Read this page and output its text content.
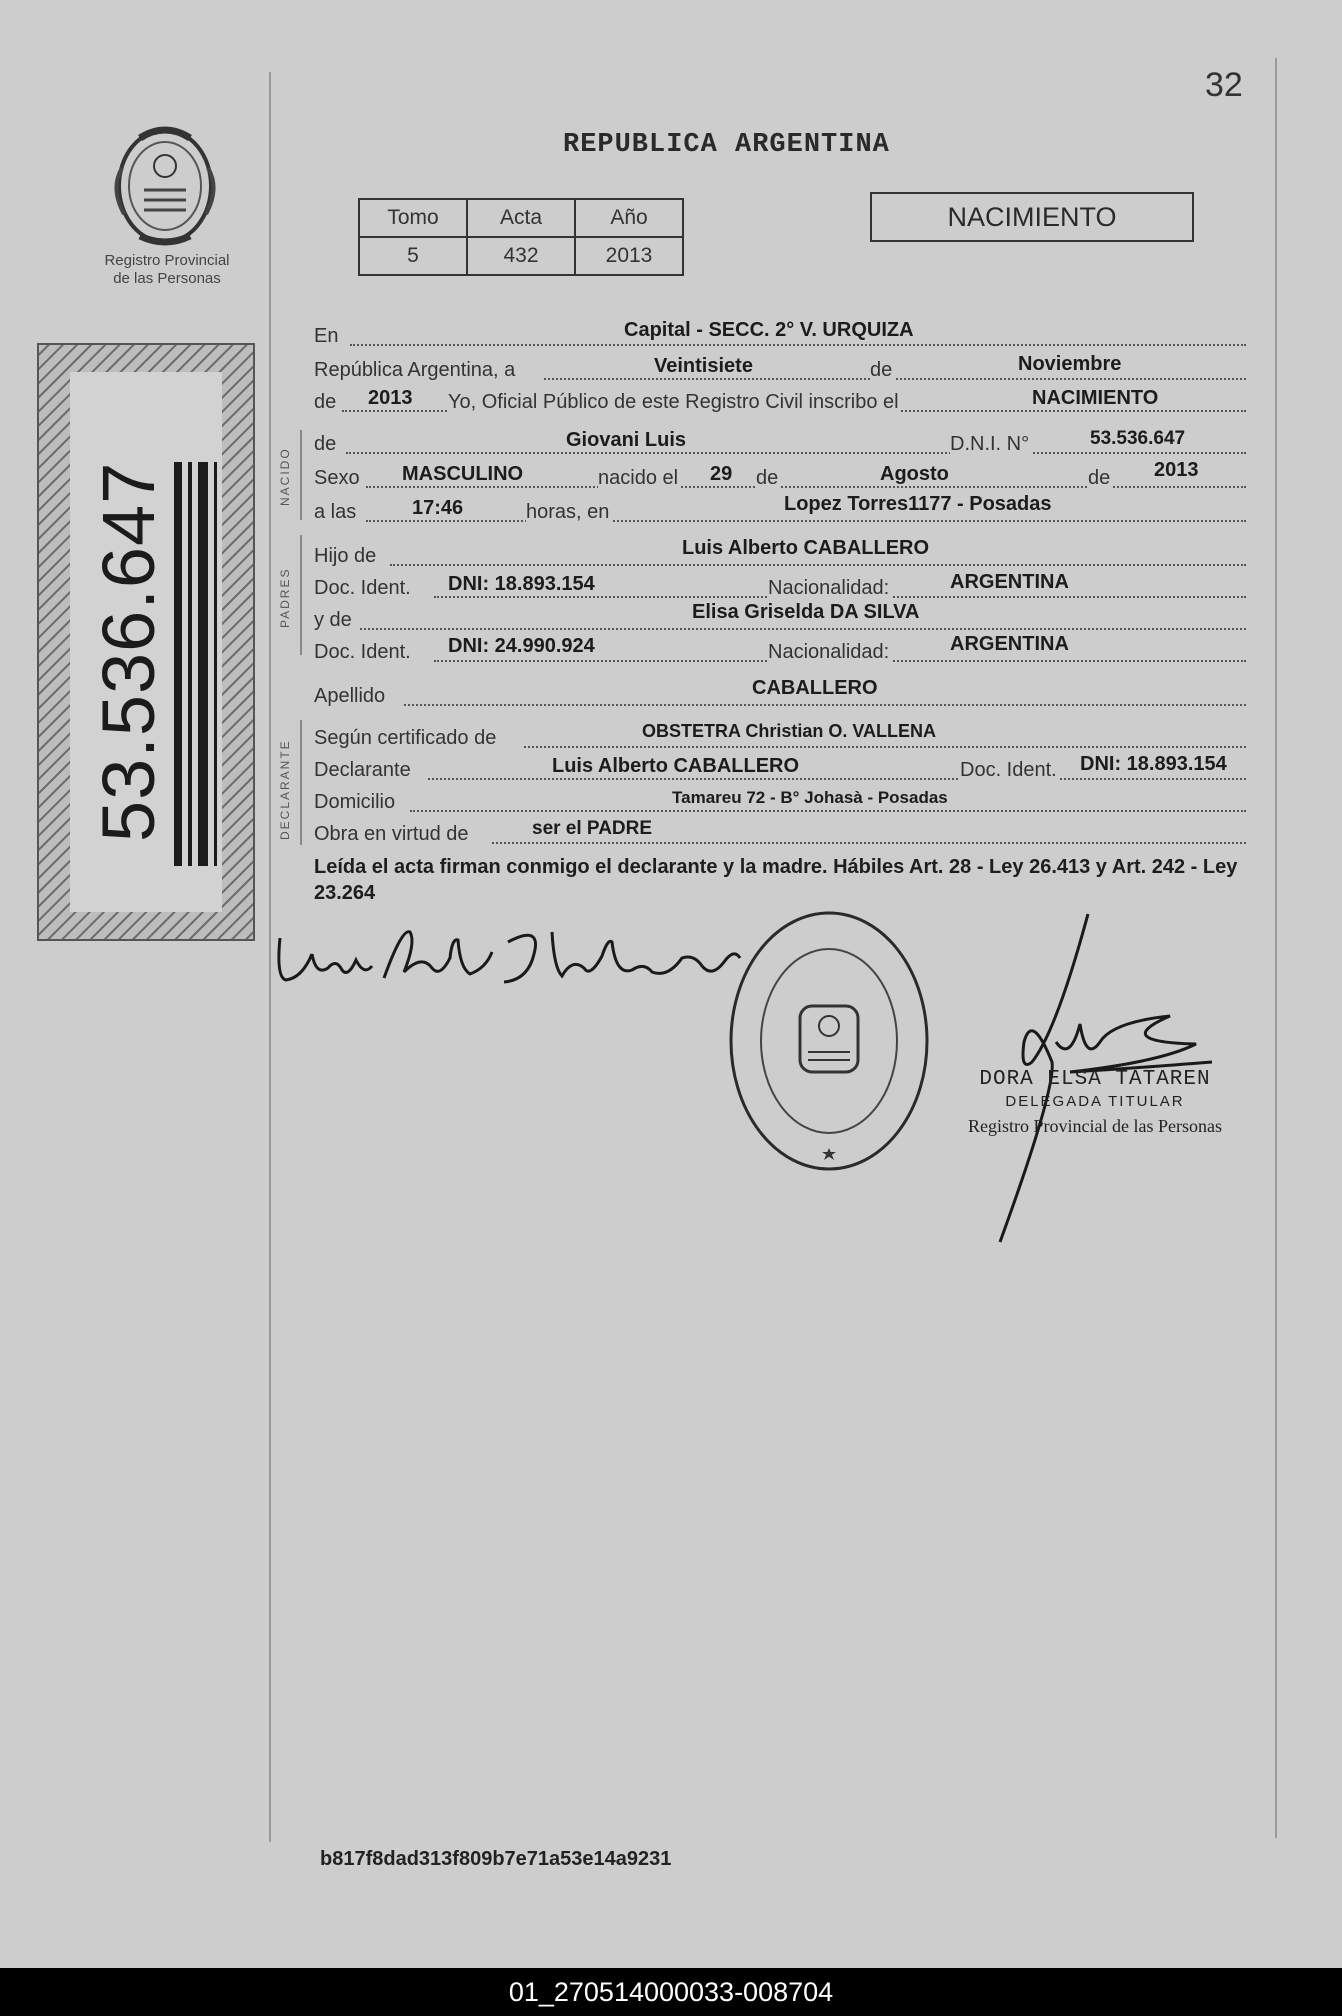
32
Registro Provincial
de las Personas
53.536.647
REPUBLICA ARGENTINA
Tomo	Acta	Año
5	432	2013
NACIMIENTO
NACIDO
PADRES
DECLARANTE
En	Capital - SECC. 2° V. URQUIZA
República Argentina, a	Veintisiete	de	Noviembre
de 2013 Yo, Oficial Público de este Registro Civil inscribo el	NACIMIENTO
de	Giovani Luis	D.N.I. N°	53.536.647
Sexo MASCULINO	nacido el 29 de	Agosto	de 2013
a las	17:46	horas, en	Lopez Torres1177 - Posadas
Hijo de	Luis Alberto CABALLERO
Doc. Ident. DNI: 18.893.154	Nacionalidad:	ARGENTINA
y de	Elisa Griselda DA SILVA
Doc. Ident. DNI: 24.990.924	Nacionalidad:	ARGENTINA
Apellido	CABALLERO
Según certificado de	OBSTETRA Christian O. VALLENA
Declarante	Luis Alberto CABALLERO	Doc. Ident. DNI: 18.893.154
Domicilio	Tamareu 72 - B° Johasà - Posadas
Obra en virtud de	ser el PADRE
Leída el acta firman conmigo el declarante y la madre. Hábiles Art. 28 - Ley 26.413 y Art. 242 - Ley 23.264
DORA ELSA TATAREN
DELEGADA TITULAR
Registro Provincial de las Personas
b817f8dad313f809b7e71a53e14a9231
01_270514000033-008704
